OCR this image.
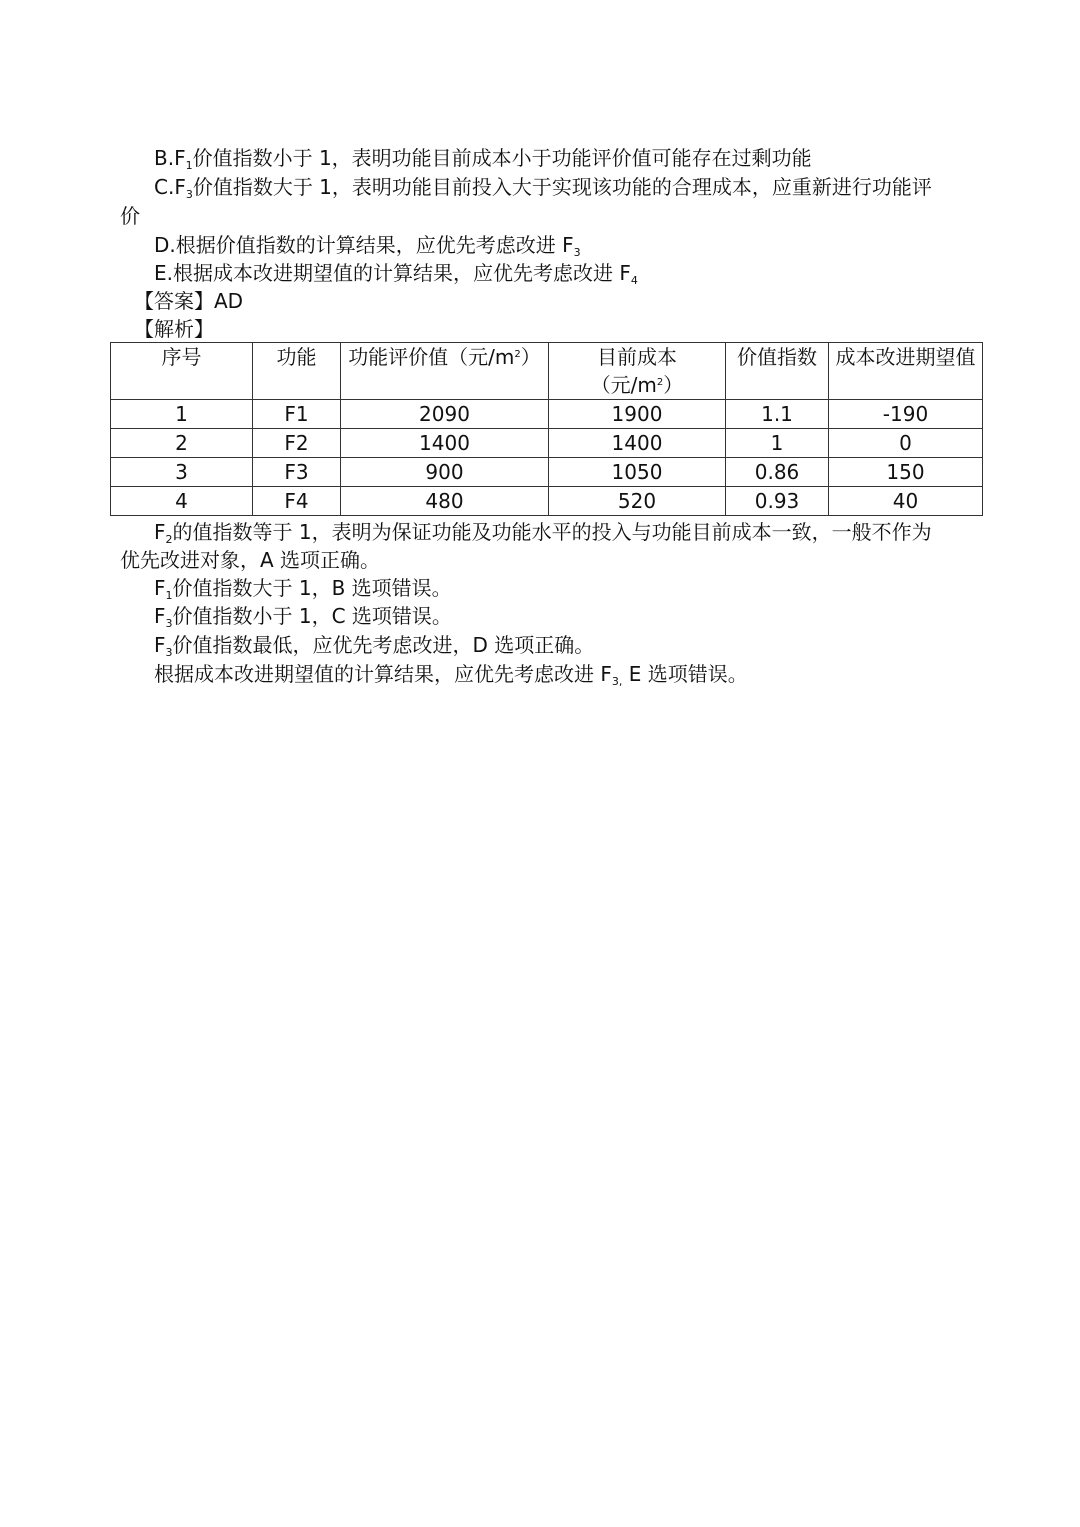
$B.F_1$价值指数小于 1，表明功能目前成本小于功能评价值可能存在过剩功能
$C.F_3$价值指数大于 1，表明功能目前投入大于实现该功能的合理成本，应重新进行功能评
价
D.根据价值指数的计算结果，应优先考虑改进 $F_3$
E.根据成本改进期望值的计算结果，应优先考虑改进 $F_4$
【答案】AD
【解析】
序号	功能	功能评价值（元$/m^2$）	目前成本（元$/m^2$）	价值指数	成本改进期望值
1	F1	2090	1900	1.1	-190
2	F2	1400	1400	1	0
3	F3	900	1050	0.86	150
4	F4	480	520	0.93	40
$F_2$的值指数等于 1，表明为保证功能及功能水平的投入与功能目前成本一致，一般不作为
优先改进对象，A 选项正确。
$F_1$价值指数大于 1，B 选项错误。
$F_3$价值指数小于 1，C 选项错误。
$F_3$价值指数最低，应优先考虑改进，D 选项正确。
根据成本改进期望值的计算结果，应优先考虑改进 $F_{3,}$ E 选项错误。
